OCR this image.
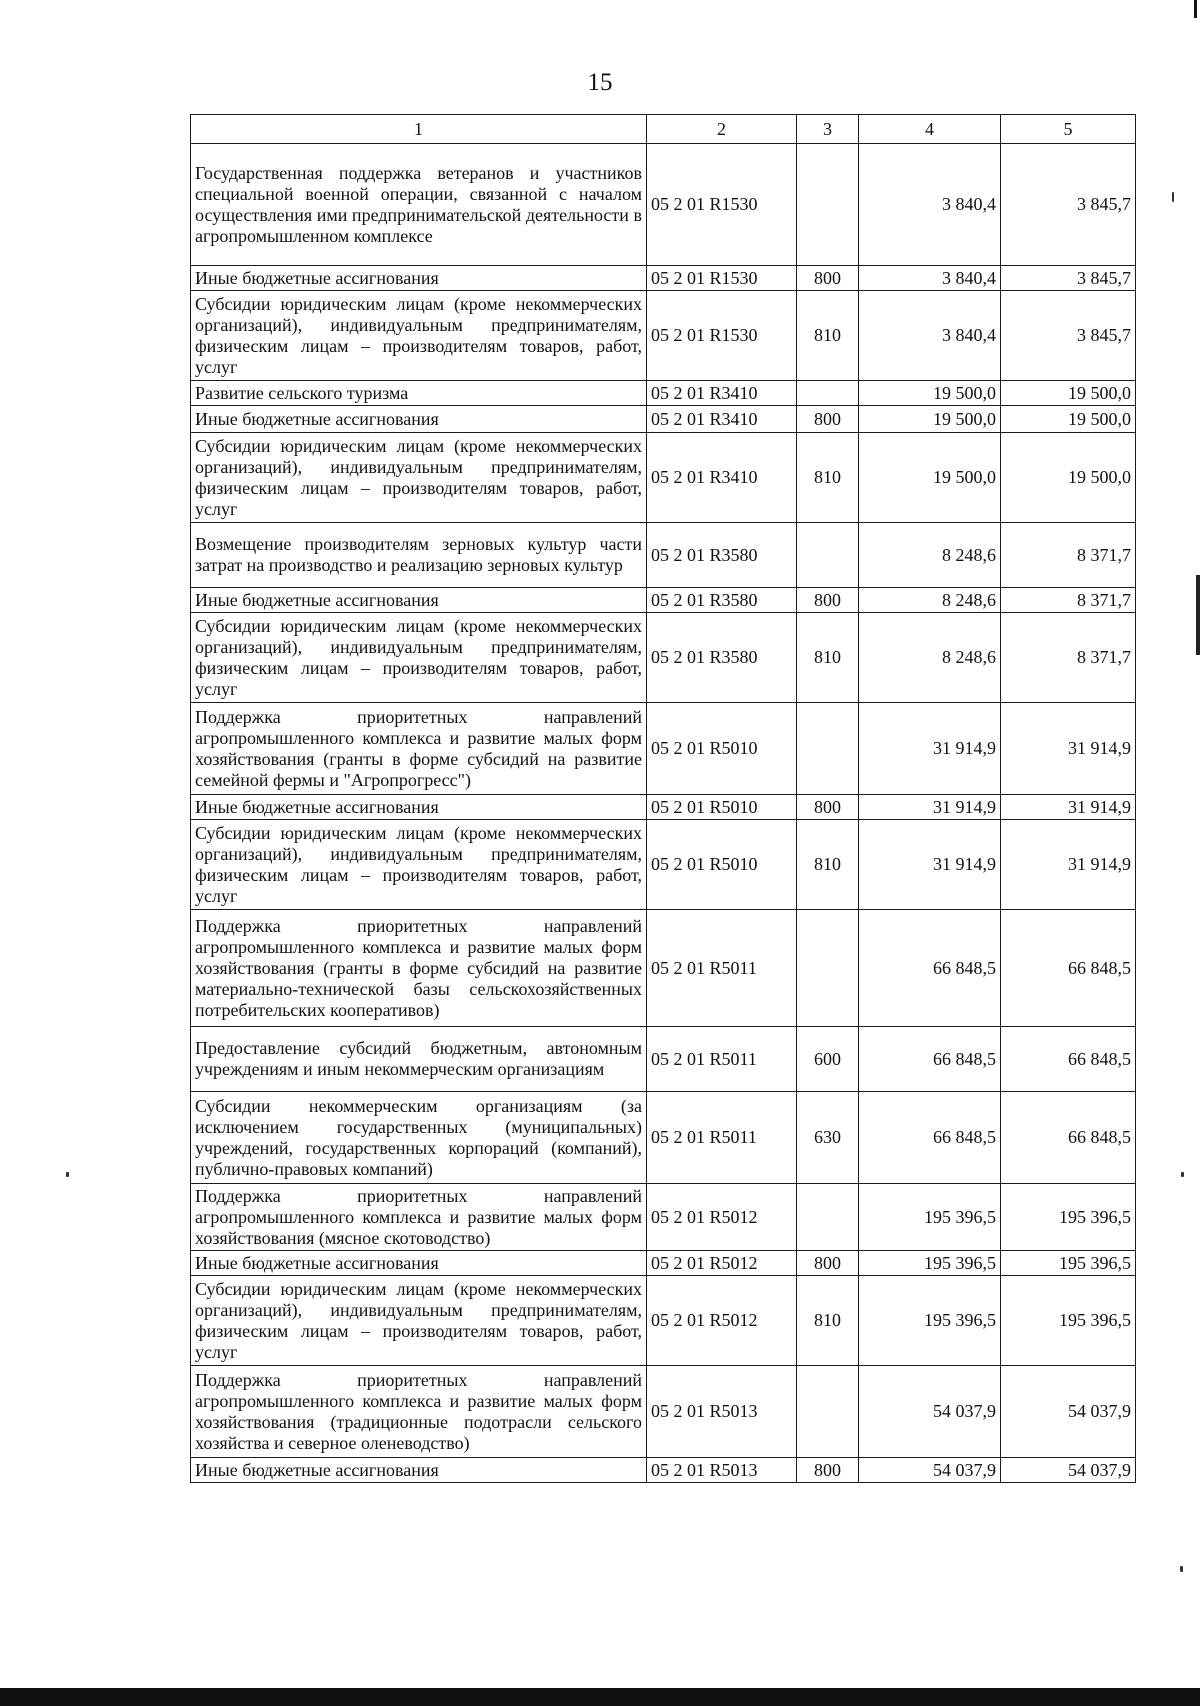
15
1	2	3	4	5
Государственная поддержка ветеранов и участников специальной военной операции, связанной с началом осуществления ими предпринимательской деятельности в агропромышленном комплексе	05 2 01 R1530		3 840,4	3 845,7
Иные бюджетные ассигнования	05 2 01 R1530	800	3 840,4	3 845,7
Субсидии юридическим лицам (кроме некоммерческих организаций), индивидуальным предпринимателям, физическим лицам – производителям товаров, работ, услуг	05 2 01 R1530	810	3 840,4	3 845,7
Развитие сельского туризма	05 2 01 R3410		19 500,0	19 500,0
Иные бюджетные ассигнования	05 2 01 R3410	800	19 500,0	19 500,0
Субсидии юридическим лицам (кроме некоммерческих организаций), индивидуальным предпринимателям, физическим лицам – производителям товаров, работ, услуг	05 2 01 R3410	810	19 500,0	19 500,0
Возмещение производителям зерновых культур части затрат на производство и реализацию зерновых культур	05 2 01 R3580		8 248,6	8 371,7
Иные бюджетные ассигнования	05 2 01 R3580	800	8 248,6	8 371,7
Субсидии юридическим лицам (кроме некоммерческих организаций), индивидуальным предпринимателям, физическим лицам – производителям товаров, работ, услуг	05 2 01 R3580	810	8 248,6	8 371,7
Поддержка приоритетных направлений агропромышленного комплекса и развитие малых форм хозяйствования (гранты в форме субсидий на развитие семейной фермы и "Агропрогресс")	05 2 01 R5010		31 914,9	31 914,9
Иные бюджетные ассигнования	05 2 01 R5010	800	31 914,9	31 914,9
Субсидии юридическим лицам (кроме некоммерческих организаций), индивидуальным предпринимателям, физическим лицам – производителям товаров, работ, услуг	05 2 01 R5010	810	31 914,9	31 914,9
Поддержка приоритетных направлений агропромышленного комплекса и развитие малых форм хозяйствования (гранты в форме субсидий на развитие материально-технической базы сельскохозяйственных потребительских кооперативов)	05 2 01 R5011		66 848,5	66 848,5
Предоставление субсидий бюджетным, автономным учреждениям и иным некоммерческим организациям	05 2 01 R5011	600	66 848,5	66 848,5
Субсидии некоммерческим организациям (за исключением государственных (муниципальных) учреждений, государственных корпораций (компаний), публично-правовых компаний)	05 2 01 R5011	630	66 848,5	66 848,5
Поддержка приоритетных направлений агропромышленного комплекса и развитие малых форм хозяйствования (мясное скотоводство)	05 2 01 R5012		195 396,5	195 396,5
Иные бюджетные ассигнования	05 2 01 R5012	800	195 396,5	195 396,5
Субсидии юридическим лицам (кроме некоммерческих организаций), индивидуальным предпринимателям, физическим лицам – производителям товаров, работ, услуг	05 2 01 R5012	810	195 396,5	195 396,5
Поддержка приоритетных направлений агропромышленного комплекса и развитие малых форм хозяйствования (традиционные подотрасли сельского хозяйства и северное оленеводство)	05 2 01 R5013		54 037,9	54 037,9
Иные бюджетные ассигнования	05 2 01 R5013	800	54 037,9	54 037,9
